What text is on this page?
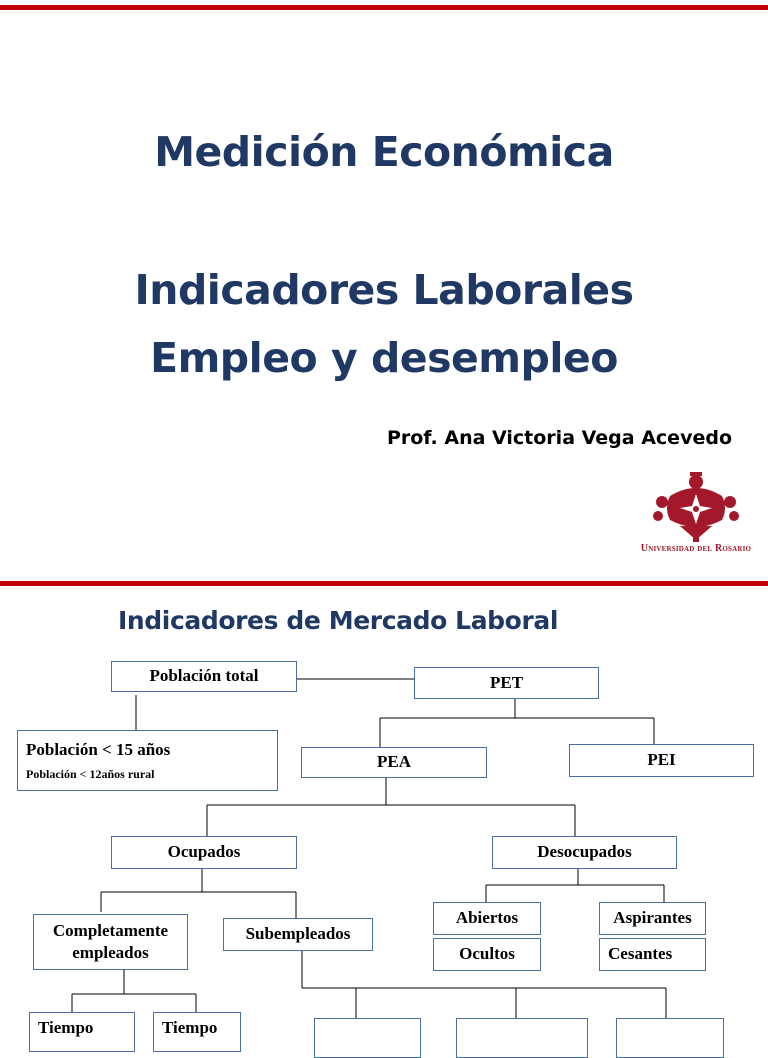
Medición Económica
Indicadores Laborales
Empleo y desempleo
Prof. Ana Victoria Vega Acevedo
Universidad del Rosario
Indicadores de Mercado Laboral
Población total	PET
Población < 15 años
Población < 12años rural
PEA	PEI
Ocupados	Desocupados
Completamente empleados
Subempleados
Abiertos
Ocultos
Aspirantes
Cesantes
Tiempo	Tiempo
